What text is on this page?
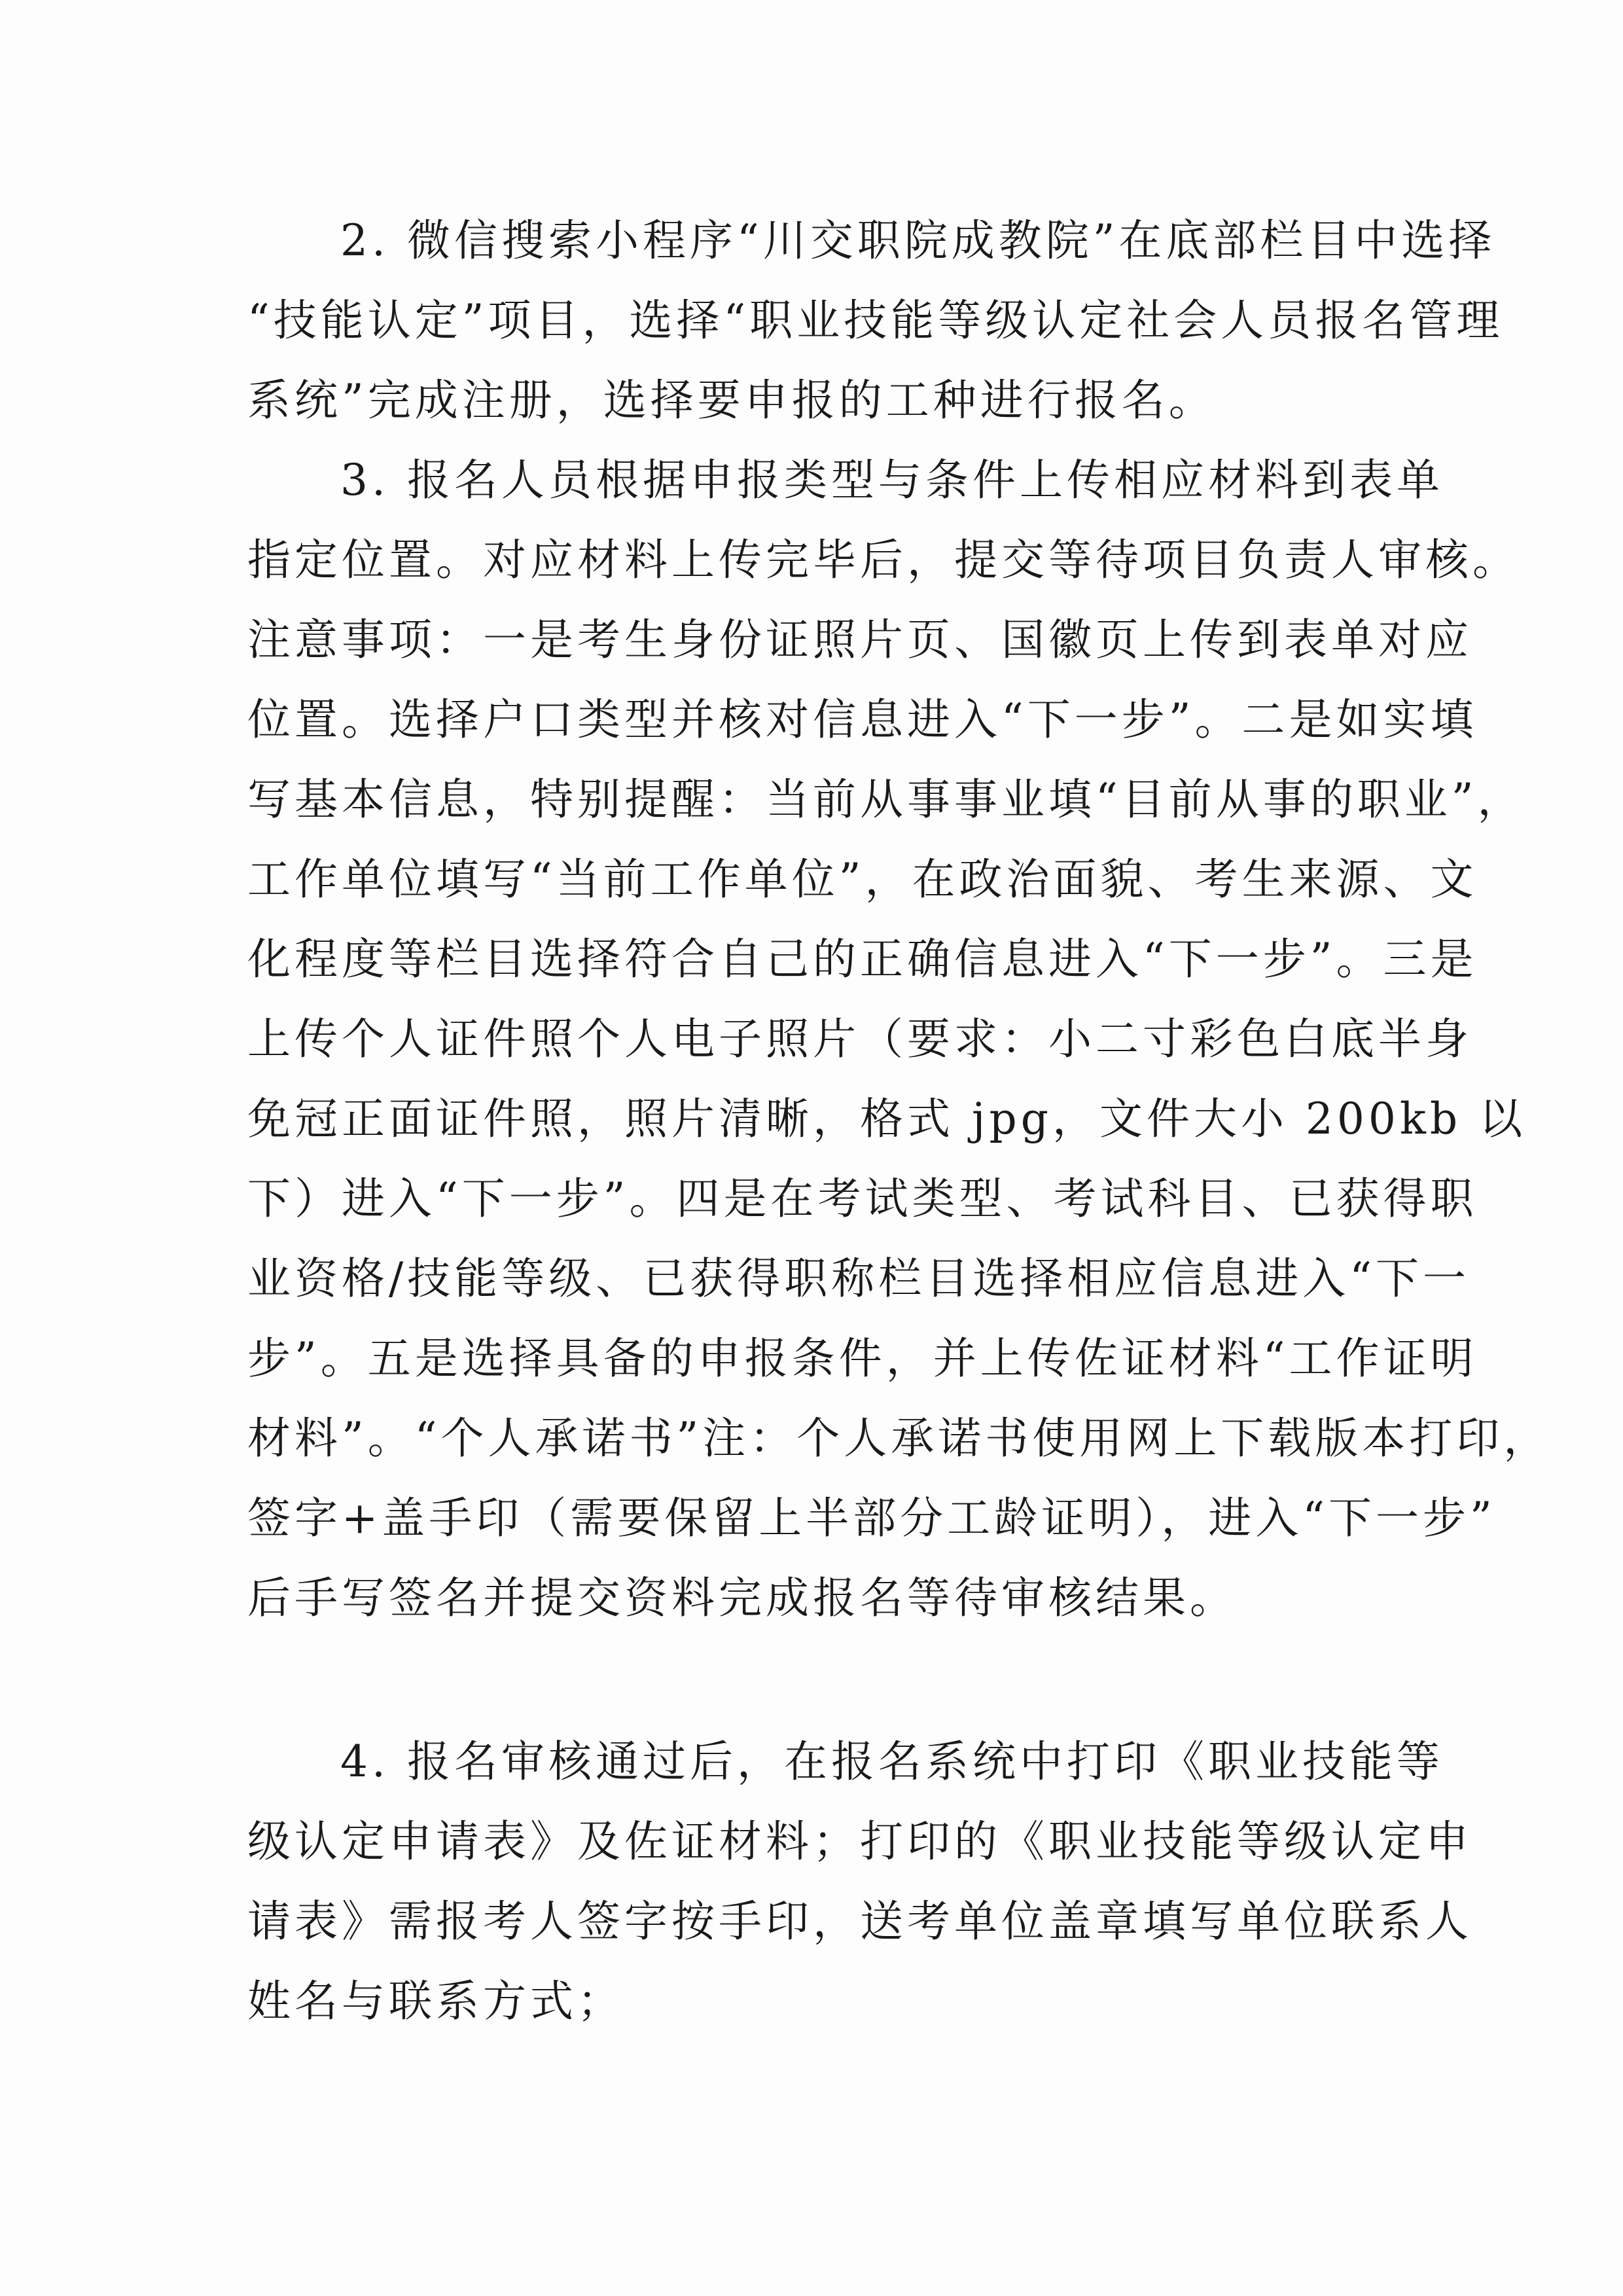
2. 微信搜索小程序“川交职院成教院”在底部栏目中选择
“技能认定”项目，选择“职业技能等级认定社会人员报名管理
系统”完成注册，选择要申报的工种进行报名。
3. 报名人员根据申报类型与条件上传相应材料到表单
指定位置。对应材料上传完毕后，提交等待项目负责人审核。
注意事项：一是考生身份证照片页、国徽页上传到表单对应
位置。选择户口类型并核对信息进入“下一步”。二是如实填
写基本信息，特别提醒：当前从事事业填“目前从事的职业”，
工作单位填写“当前工作单位”，在政治面貌、考生来源、文
化程度等栏目选择符合自己的正确信息进入“下一步”。三是
上传个人证件照个人电子照片（要求：小二寸彩色白底半身
免冠正面证件照，照片清晰，格式 jpg，文件大小 200kb 以
下）进入“下一步”。四是在考试类型、考试科目、已获得职
业资格/技能等级、已获得职称栏目选择相应信息进入“下一
步”。五是选择具备的申报条件，并上传佐证材料“工作证明
材料”。“个人承诺书”注：个人承诺书使用网上下载版本打印，
签字+盖手印（需要保留上半部分工龄证明），进入“下一步”
后手写签名并提交资料完成报名等待审核结果。
4. 报名审核通过后，在报名系统中打印《职业技能等
级认定申请表》及佐证材料；打印的《职业技能等级认定申
请表》需报考人签字按手印，送考单位盖章填写单位联系人
姓名与联系方式；
